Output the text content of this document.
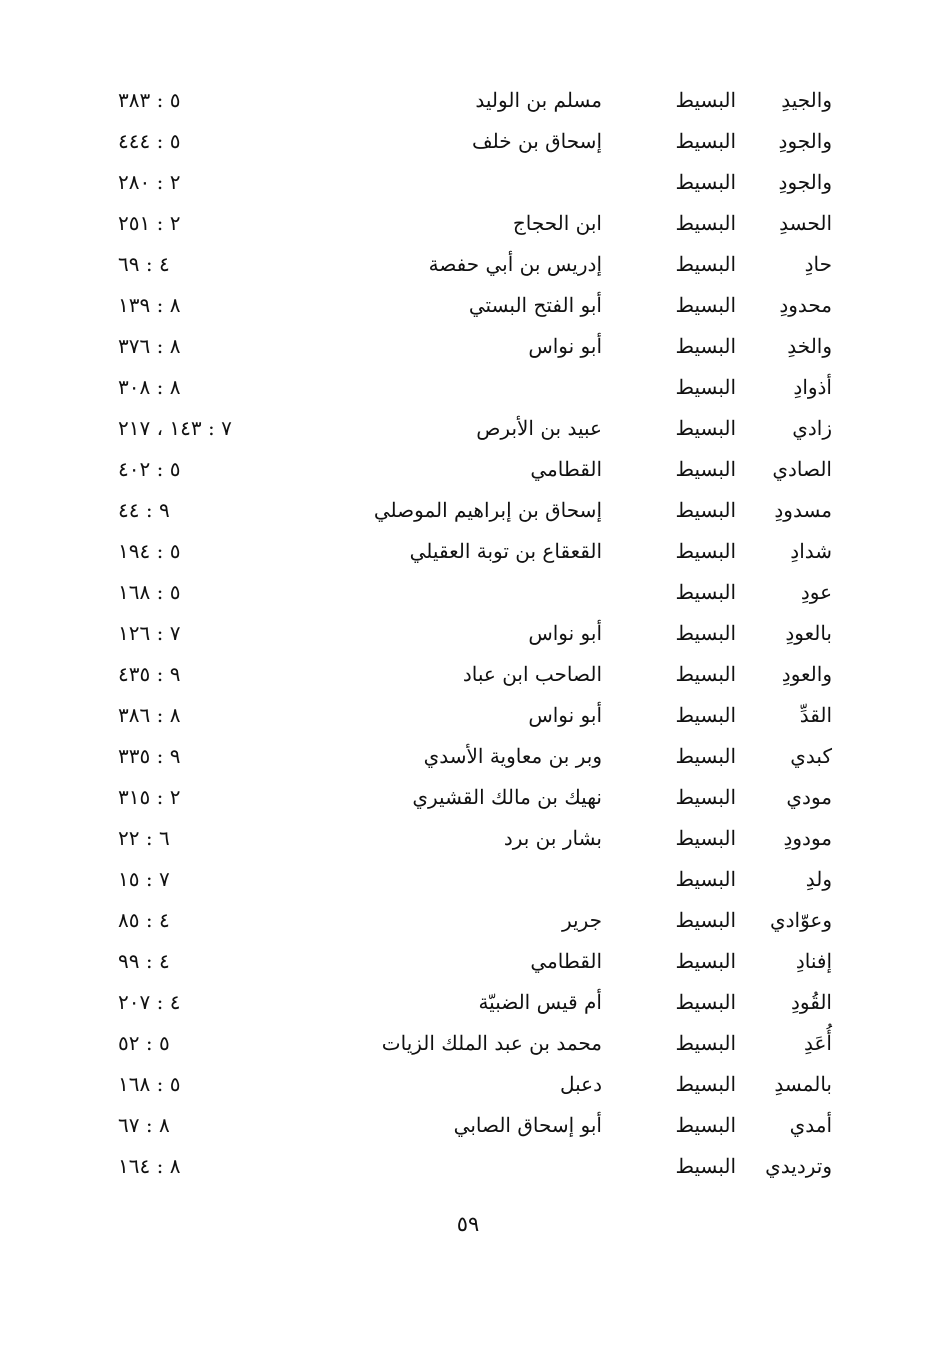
والجيدِ
البسيط
مسلم بن الوليد
٥ : ٣٨٣
والجودِ
البسيط
إسحاق بن خلف
٥ : ٤٤٤
والجودِ
البسيط
٢ : ٢٨٠
الحسدِ
البسيط
ابن الحجاج
٢ : ٢٥١
حادِ
البسيط
إدريس بن أبي حفصة
٤ : ٦٩
محدودِ
البسيط
أبو الفتح البستي
٨ : ١٣٩
والخدِ
البسيط
أبو نواس
٨ : ٣٧٦
أذوادِ
البسيط
٨ : ٣٠٨
زادي
البسيط
عبيد بن الأبرص
٧ : ١٤٣ ، ٢١٧
الصادي
البسيط
القطامي
٥ : ٤٠٢
مسدودِ
البسيط
إسحاق بن إبراهيم الموصلي
٩ : ٤٤
شدادِ
البسيط
القعقاع بن توبة العقيلي
٥ : ١٩٤
عودِ
البسيط
٥ : ١٦٨
بالعودِ
البسيط
أبو نواس
٧ : ١٢٦
والعودِ
البسيط
الصاحب ابن عباد
٩ : ٤٣٥
القدِّ
البسيط
أبو نواس
٨ : ٣٨٦
كبدي
البسيط
وبر بن معاوية الأسدي
٩ : ٣٣٥
مودي
البسيط
نهيك بن مالك القشيري
٢ : ٣١٥
مودودِ
البسيط
بشار بن برد
٦ : ٢٢
ولدِ
البسيط
٧ : ١٥
وعوّادي
البسيط
جرير
٤ : ٨٥
إفنادِ
البسيط
القطامي
٤ : ٩٩
القُودِ
البسيط
أم قيس الضبيّة
٤ : ٢٠٧
أُعَدِ
البسيط
محمد بن عبد الملك الزيات
٥ : ٥٢
بالمسدِ
البسيط
دعبل
٥ : ١٦٨
أمدي
البسيط
أبو إسحاق الصابي
٨ : ٦٧
وترديدي
البسيط
٨ : ١٦٤
٥٩
